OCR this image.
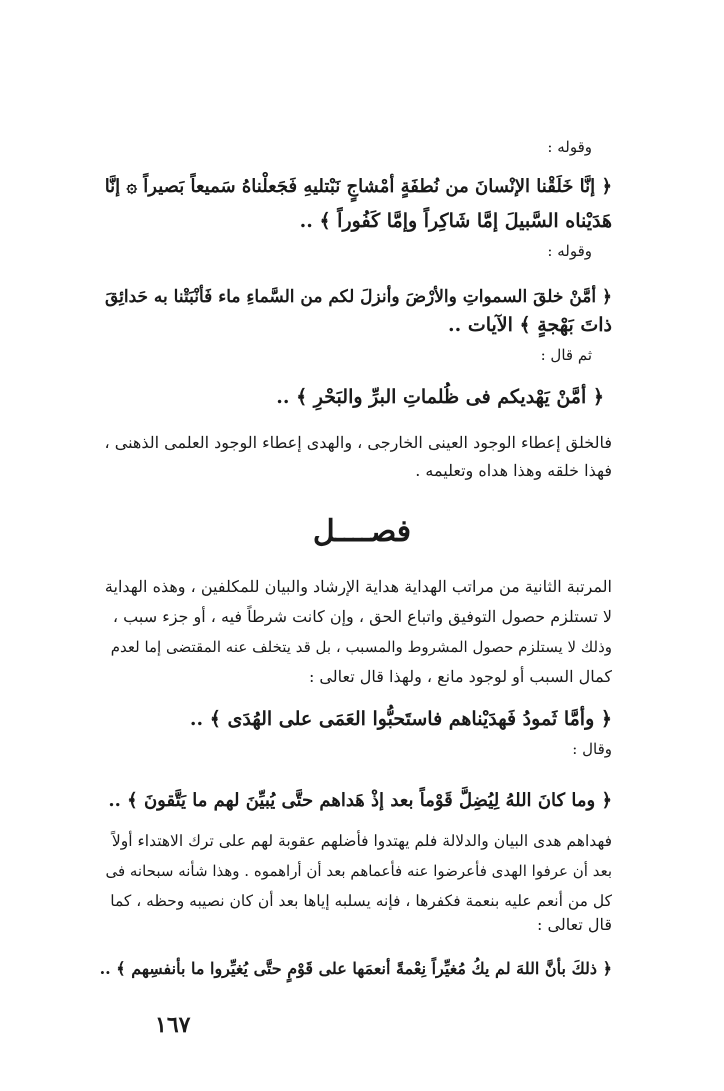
وقوله :
﴿ إنَّا خَلَقْنا الإنْسانَ من نُطفَةٍ أمْشاجٍ نَبْتليهِ فَجَعلْناهُ سَميعاً بَصيراً ۞ إنَّا
هَدَيْناه السَّبيلَ إمَّا شَاكِراً وإمَّا كَفُوراً ﴾ ..
وقوله :
﴿ أمَّنْ خلقَ السمواتِ والأرْضَ وأنزلَ لكم من السَّماءِ ماء فَأنْبَتْنا به حَدائِقَ
ذاتَ بَهْجةٍ ﴾ الآيات ..
ثم قال :
﴿ أمَّنْ يَهْديكم فى ظُلماتِ البرِّ والبَحْرِ ﴾ ..
فالخلق إعطاء الوجود العينى الخارجى ، والهدى إعطاء الوجود العلمى الذهنى ،
فهذا خلقه وهذا هداه وتعليمه .
فصــــل
المرتبة الثانية من مراتب الهداية هداية الإرشاد والبيان للمكلفين ، وهذه الهداية
لا تستلزم حصول التوفيق واتباع الحق ، وإن كانت شرطاً فيه ، أو جزء سبب ،
وذلك لا يستلزم حصول المشروط والمسبب ، بل قد يتخلف عنه المقتضى إما لعدم
كمال السبب أو لوجود مانع ، ولهذا قال تعالى :
﴿ وأمَّا ثَمودُ فَهدَيْناهم فاستَحبُّوا العَمَى على الهُدَى ﴾ ..
وقال :
﴿ وما كانَ اللهُ لِيُضِلَّ قَوْماً بعد إذْ هَداهم حتَّى يُبيِّنَ لهم ما يَتَّقونَ ﴾ ..
فهداهم هدى البيان والدلالة فلم يهتدوا فأضلهم عقوبة لهم على ترك الاهتداء أولاً
بعد أن عرفوا الهدى فأعرضوا عنه فأعماهم بعد أن أراهموه . وهذا شأنه سبحانه فى
كل من أنعم عليه بنعمة فكفرها ، فإنه يسلبه إياها بعد أن كان نصيبه وحظه ، كما
قال تعالى :
﴿ ذلكَ بأنَّ اللهَ لم يكُ مُغيِّراً نِعْمةً أنعمَها على قَوْمٍ حتَّى يُغيِّروا ما بأنفسِهم ﴾ ..
١٦٧
